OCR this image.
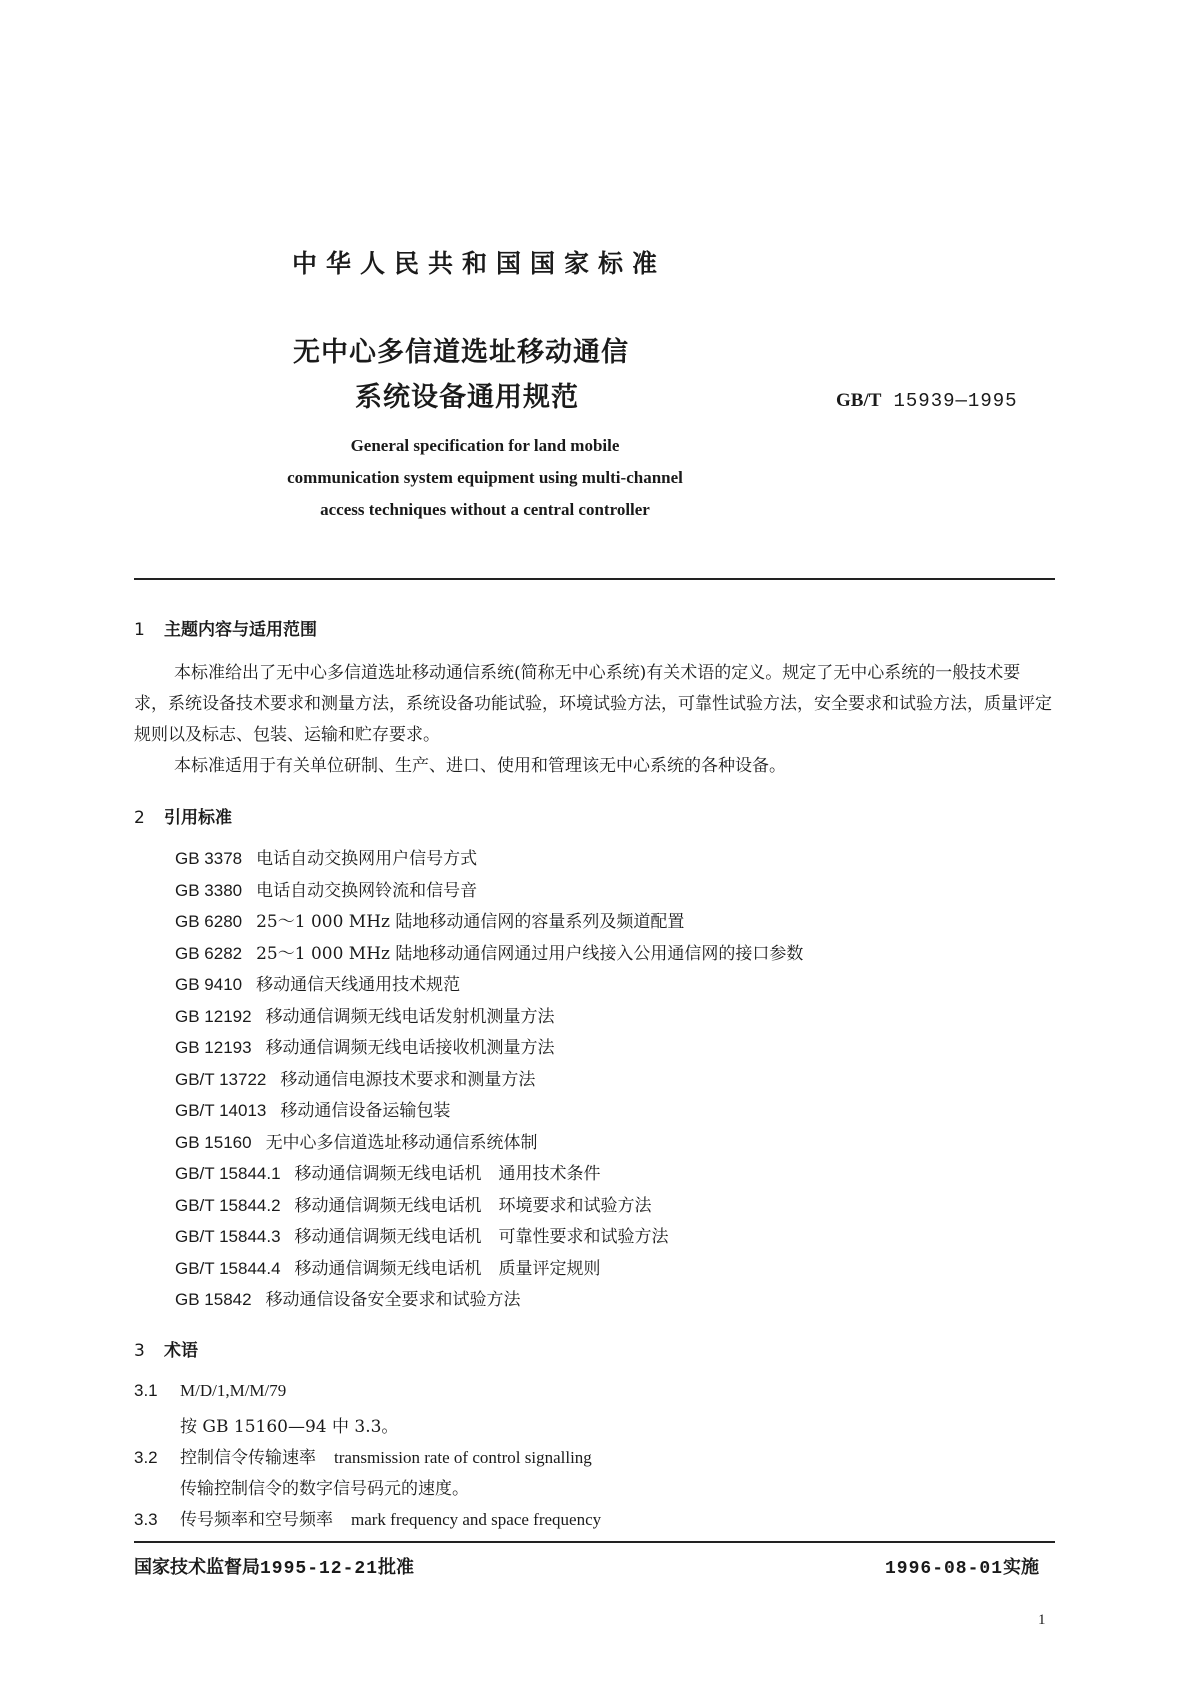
中华人民共和国国家标准
无中心多信道选址移动通信
系统设备通用规范	GB/T 15939—1995
General specification for land mobile
communication system equipment using multi-channel
access techniques without a central controller
1 主题内容与适用范围

本标准给出了无中心多信道选址移动通信系统(简称无中心系统)有关术语的定义。规定了无中心系统的一般技术要求，系统设备技术要求和测量方法，系统设备功能试验，环境试验方法，可靠性试验方法，安全要求和试验方法，质量评定规则以及标志、包装、运输和贮存要求。

本标准适用于有关单位研制、生产、进口、使用和管理该无中心系统的各种设备。

2 引用标准
GB 3378 电话自动交换网用户信号方式
GB 3380 电话自动交换网铃流和信号音
GB 6280 25～1 000 MHz 陆地移动通信网的容量系列及频道配置
GB 6282 25～1 000 MHz 陆地移动通信网通过用户线接入公用通信网的接口参数
GB 9410 移动通信天线通用技术规范
GB 12192 移动通信调频无线电话发射机测量方法
GB 12193 移动通信调频无线电话接收机测量方法
GB/T 13722 移动通信电源技术要求和测量方法
GB/T 14013 移动通信设备运输包装
GB 15160 无中心多信道选址移动通信系统体制
GB/T 15844.1 移动通信调频无线电话机　通用技术条件
GB/T 15844.2 移动通信调频无线电话机　环境要求和试验方法
GB/T 15844.3 移动通信调频无线电话机　可靠性要求和试验方法
GB/T 15844.4 移动通信调频无线电话机　质量评定规则
GB 15842 移动通信设备安全要求和试验方法
3 术语
3.1 M/D/1,M/M/79
按 GB 15160—94 中 3.3。
3.2 控制信令传输速率 transmission rate of control signalling
传输控制信令的数字信号码元的速度。
3.3 传号频率和空号频率 mark frequency and space frequency
国家技术监督局1995-12-21批准	1996-08-01实施
1
